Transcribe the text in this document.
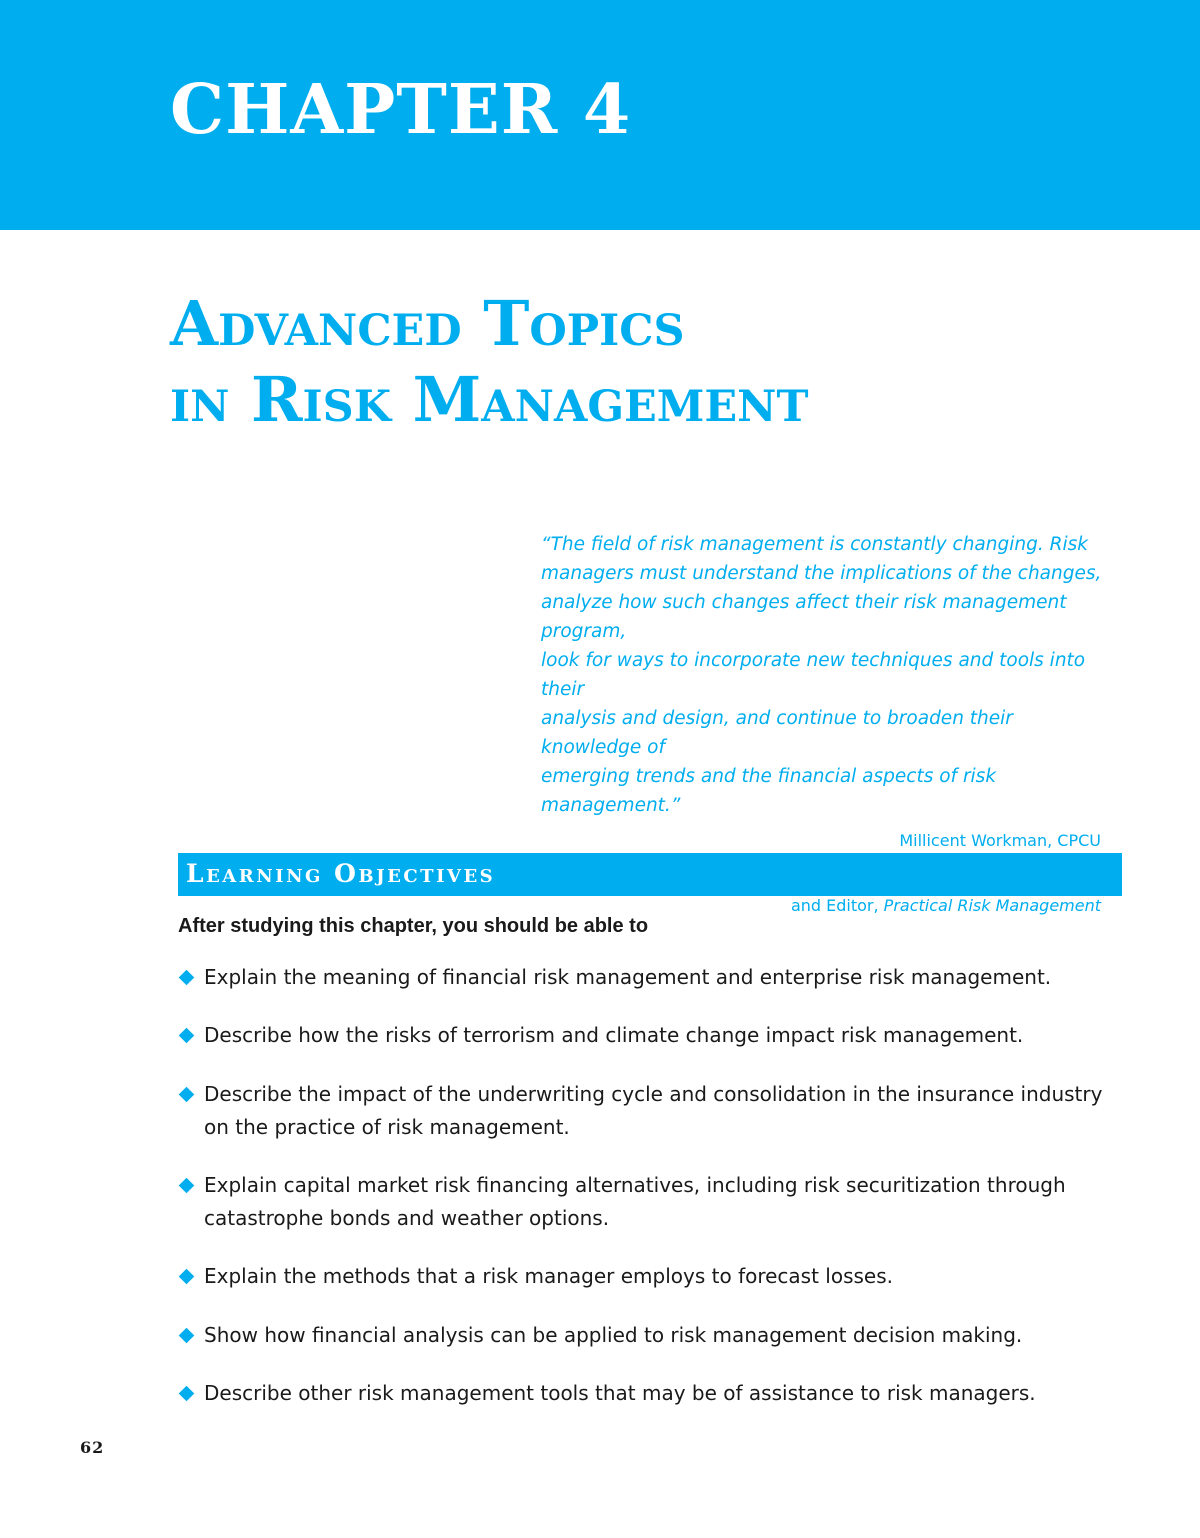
CHAPTER 4
Advanced Topics
in Risk Management

“The field of risk management is constantly changing. Risk
managers must understand the implications of the changes,
analyze how such changes affect their risk management program,
look for ways to incorporate new techniques and tools into their
analysis and design, and continue to broaden their knowledge of
emerging trends and the financial aspects of risk management.”

Millicent Workman, CPCU
and Editor, Practical Risk Management
Learning Objectives
After studying this chapter, you should be able to
Explain the meaning of financial risk management and enterprise risk management.
Describe how the risks of terrorism and climate change impact risk management.
Describe the impact of the underwriting cycle and consolidation in the insurance industry on the practice of risk management.
Explain capital market risk financing alternatives, including risk securitization through catastrophe bonds and weather options.
Explain the methods that a risk manager employs to forecast losses.
Show how financial analysis can be applied to risk management decision making.
Describe other risk management tools that may be of assistance to risk managers.
62
